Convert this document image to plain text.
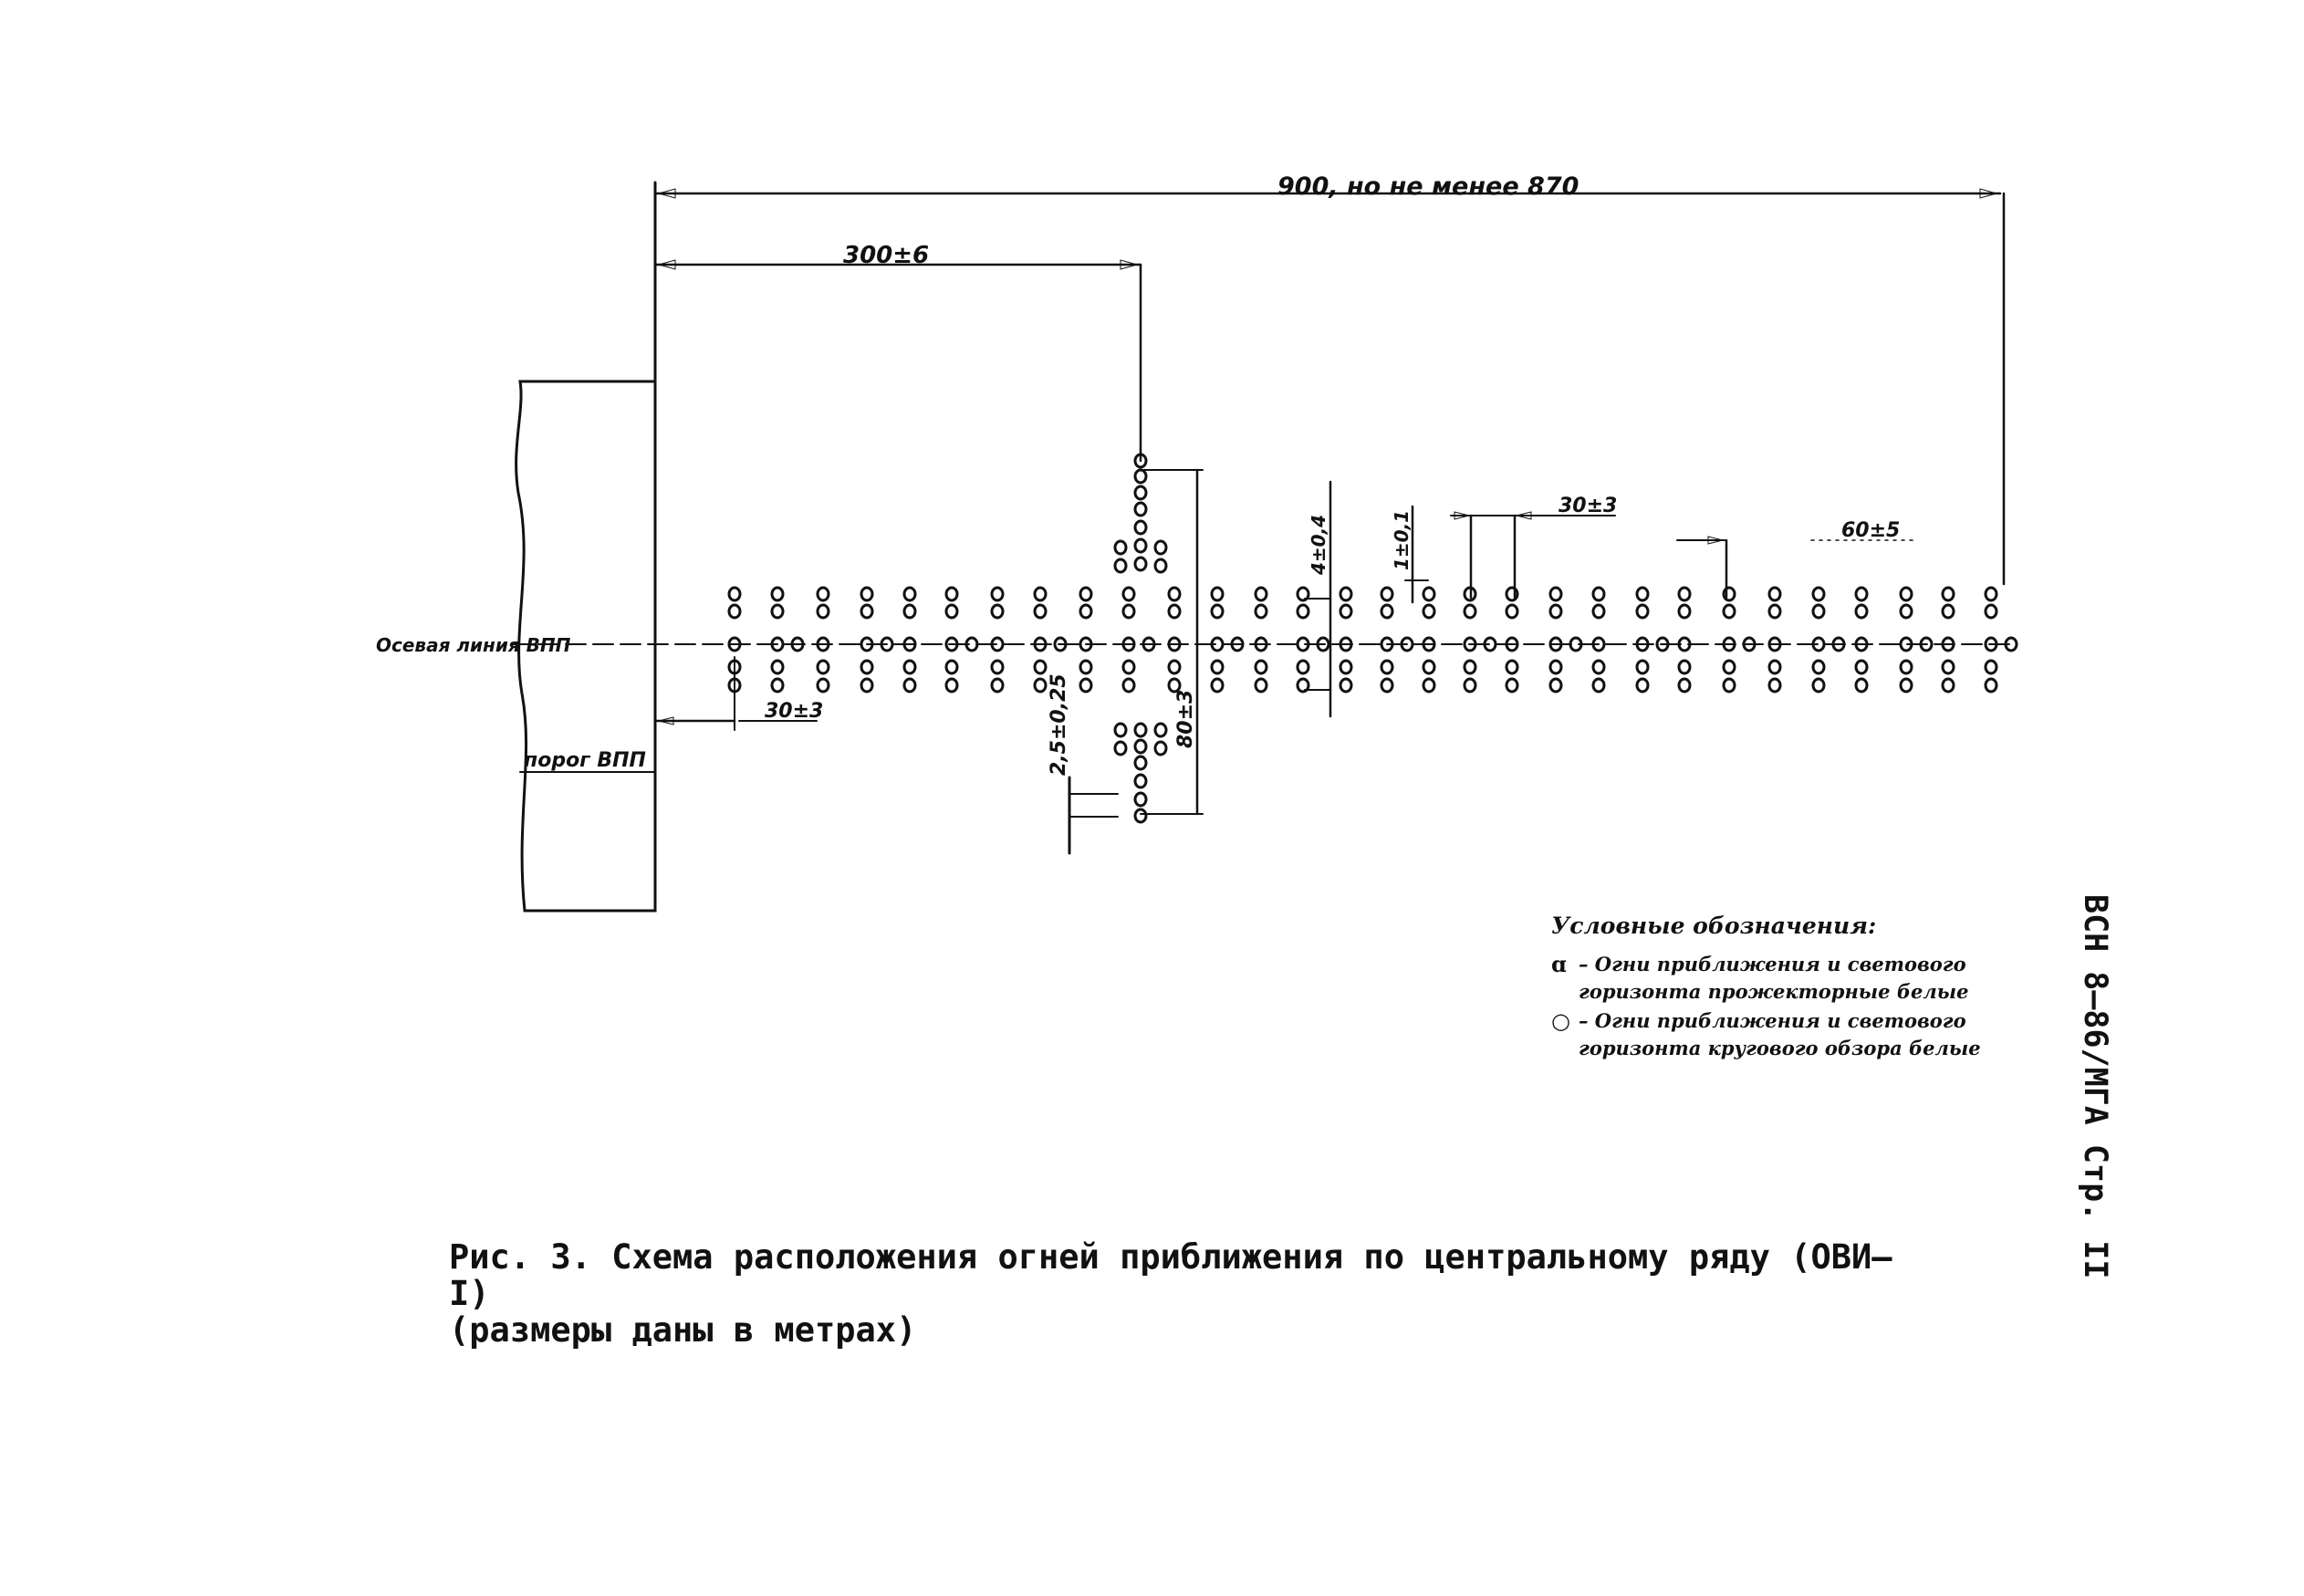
900, но не менее 870
300±6
30±3
порог ВПП
Осевая линия ВПП
80±3
2,5±0,25
4±0,4	1±0,1
30±3
60±5
Условные обозначения:
ɑ – Огни приближения и светового горизонта прожекторные белые
○ – Огни приближения и светового горизонта кругового обзора белые
Рис. 3. Схема расположения огней приближения по центральному ряду (ОВИ–I)
(размеры даны в метрах)
ВСН 8–86/МГА Стр. II
